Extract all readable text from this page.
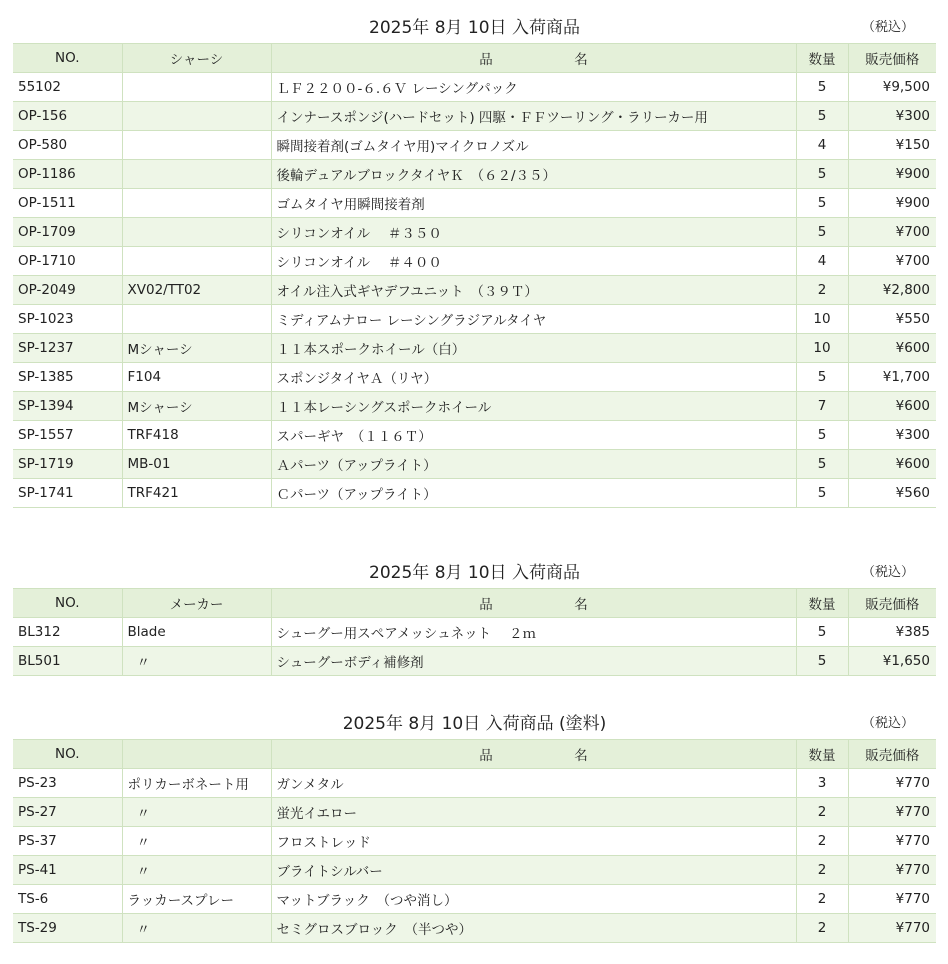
2025年 8月 10日 入荷商品	（税込）
NO.	シャーシ	品 名	数量	販売価格
55102		ＬＦ２２００-６.６Ｖ レーシングパック	5	¥9,500
OP-156		インナースポンジ(ハードセット) 四駆・ＦＦツーリング・ラリーカー用	5	¥300
OP-580		瞬間接着剤(ゴムタイヤ用)マイクロノズル	4	¥150
OP-1186		後輪デュアルブロックタイヤＫ　（６２/３５）	5	¥900
OP-1511		ゴムタイヤ用瞬間接着剤	5	¥900
OP-1709		シリコンオイル　 ＃３５０	5	¥700
OP-1710		シリコンオイル　 ＃４００	4	¥700
OP-2049	XV02/TT02	オイル注入式ギヤデフユニット　（３９Ｔ）	2	¥2,800
SP-1023		ミディアムナロー レーシングラジアルタイヤ	10	¥550
SP-1237	Mシャーシ	１１本スポークホイール（白）	10	¥600
SP-1385	F104	スポンジタイヤＡ（リヤ）	5	¥1,700
SP-1394	Mシャーシ	１１本レーシングスポークホイール	7	¥600
SP-1557	TRF418	スパーギヤ　（１１６Ｔ）	5	¥300
SP-1719	MB-01	Ａパーツ（アップライト）	5	¥600
SP-1741	TRF421	Ｃパーツ（アップライト）	5	¥560
2025年 8月 10日 入荷商品	（税込）
NO.	メーカー	品 名	数量	販売価格
BL312	Blade	シューグー用スペアメッシュネット　 ２ｍ	5	¥385
BL501	〃	シューグーボディ補修剤	5	¥1,650
2025年 8月 10日 入荷商品 (塗料)	（税込）
NO.		品 名	数量	販売価格
PS-23	ポリカーボネート用	ガンメタル	3	¥770
PS-27	〃	蛍光イエロー	2	¥770
PS-37	〃	フロストレッド	2	¥770
PS-41	〃	ブライトシルバー	2	¥770
TS-6	ラッカースプレー	マットブラック　（つや消し）	2	¥770
TS-29	〃	セミグロスブロック　（半つや）	2	¥770
